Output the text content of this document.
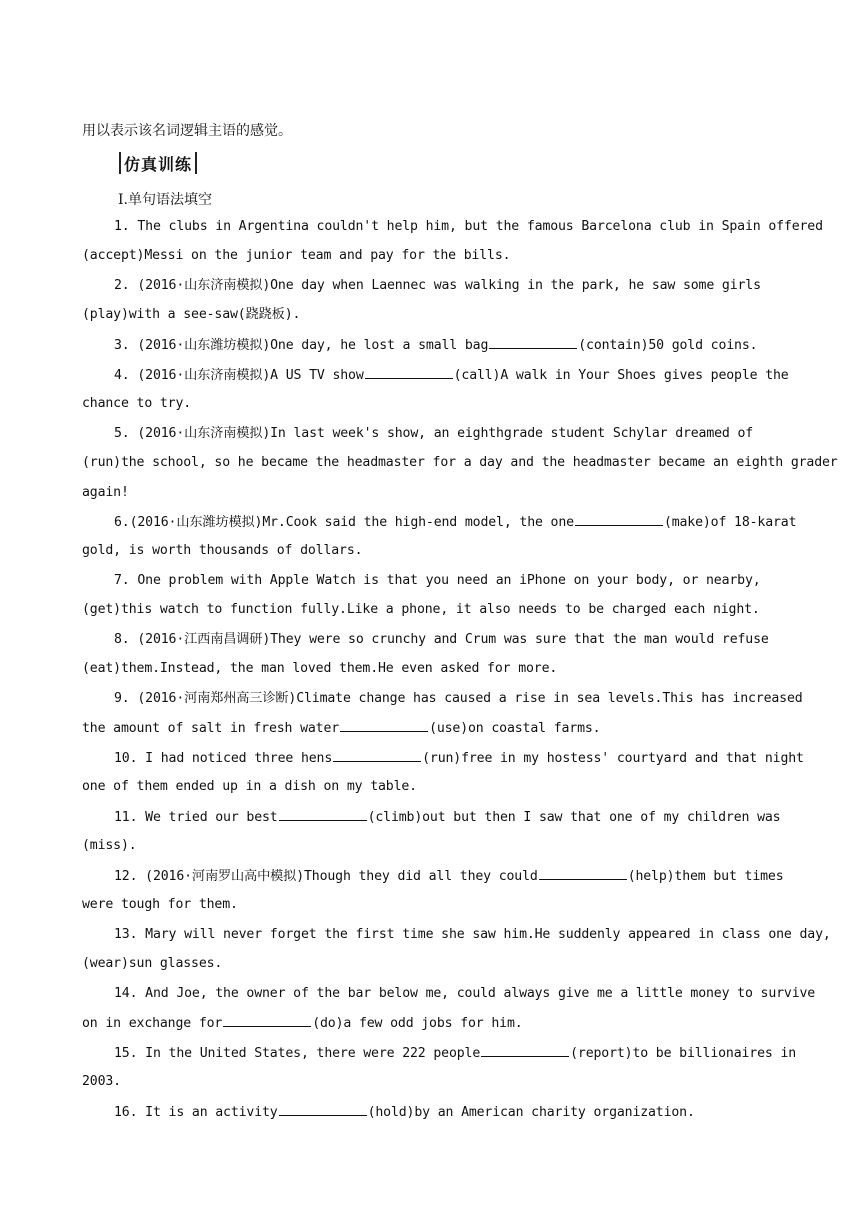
用以表示该名词逻辑主语的感觉。
仿真训练
Ⅰ.单句语法填空
1. The clubs in Argentina couldn't help him, but the famous Barcelona club in Spain offered
(accept)Messi on the junior team and pay for the bills.
2. (2016·山东济南模拟)One day when Laennec was walking in the park, he saw some girls
(play)with a see-saw(跷跷板).
3. (2016·山东潍坊模拟)One day, he lost a small bag	(contain)50 gold coins.
4. (2016·山东济南模拟)A US TV show	(call)A walk in Your Shoes gives people the
chance to try.
5. (2016·山东济南模拟)In last week's show, an eighthgrade student Schylar dreamed of
(run)the school, so he became the headmaster for a day and the headmaster became an eighth grader
again!
6.(2016·山东潍坊模拟)Mr.Cook said the high-end model, the one	(make)of 18-karat
gold, is worth thousands of dollars.
7. One problem with Apple Watch is that you need an iPhone on your body, or nearby,
(get)this watch to function fully.Like a phone, it also needs to be charged each night.
8. (2016·江西南昌调研)They were so crunchy and Crum was sure that the man would refuse
(eat)them.Instead, the man loved them.He even asked for more.
9. (2016·河南郑州高三诊断)Climate change has caused a rise in sea levels.This has increased
the amount of salt in fresh water	(use)on coastal farms.
10. I had noticed three hens	(run)free in my hostess' courtyard and that night
one of them ended up in a dish on my table.
11. We tried our best	(climb)out but then I saw that one of my children was
(miss).
12. (2016·河南罗山高中模拟)Though they did all they could	(help)them but times
were tough for them.
13. Mary will never forget the first time she saw him.He suddenly appeared in class one day,
(wear)sun glasses.
14. And Joe, the owner of the bar below me, could always give me a little money to survive
on in exchange for	(do)a few odd jobs for him.
15. In the United States, there were 222 people	(report)to be billionaires in
2003.
16. It is an activity	(hold)by an American charity organization.
